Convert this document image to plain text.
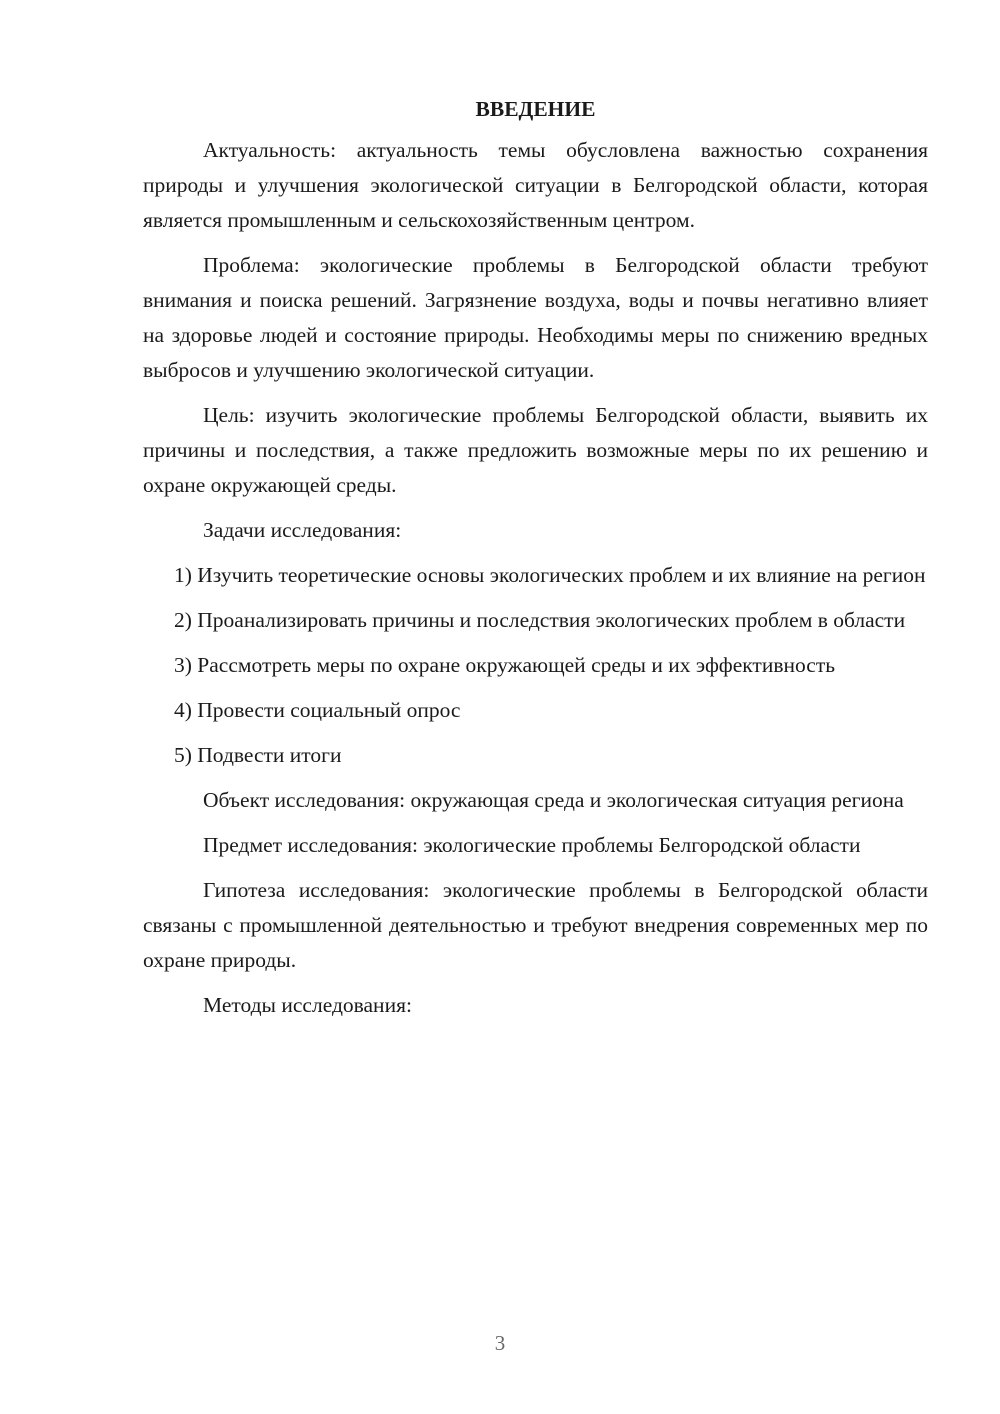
ВВЕДЕНИЕ

Актуальность: актуальность темы обусловлена важностью сохранения природы и улучшения экологической ситуации в Белгородской области, которая является промышленным и сельскохозяйственным центром.

Проблема: экологические проблемы в Белгородской области требуют внимания и поиска решений. Загрязнение воздуха, воды и почвы негативно влияет на здоровье людей и состояние природы. Необходимы меры по снижению вредных выбросов и улучшению экологической ситуации.

Цель: изучить экологические проблемы Белгородской области, выявить их причины и последствия, а также предложить возможные меры по их решению и охране окружающей среды.

Задачи исследования:

1) Изучить теоретические основы экологических проблем и их влияние на регион

2) Проанализировать причины и последствия экологических проблем в области

3) Рассмотреть меры по охране окружающей среды и их эффективность

4) Провести социальный опрос

5) Подвести итоги

Объект исследования: окружающая среда и экологическая ситуация региона

Предмет исследования: экологические проблемы Белгородской области

Гипотеза исследования: экологические проблемы в Белгородской области связаны с промышленной деятельностью и требуют внедрения современных мер по охране природы.

Методы исследования:

3
